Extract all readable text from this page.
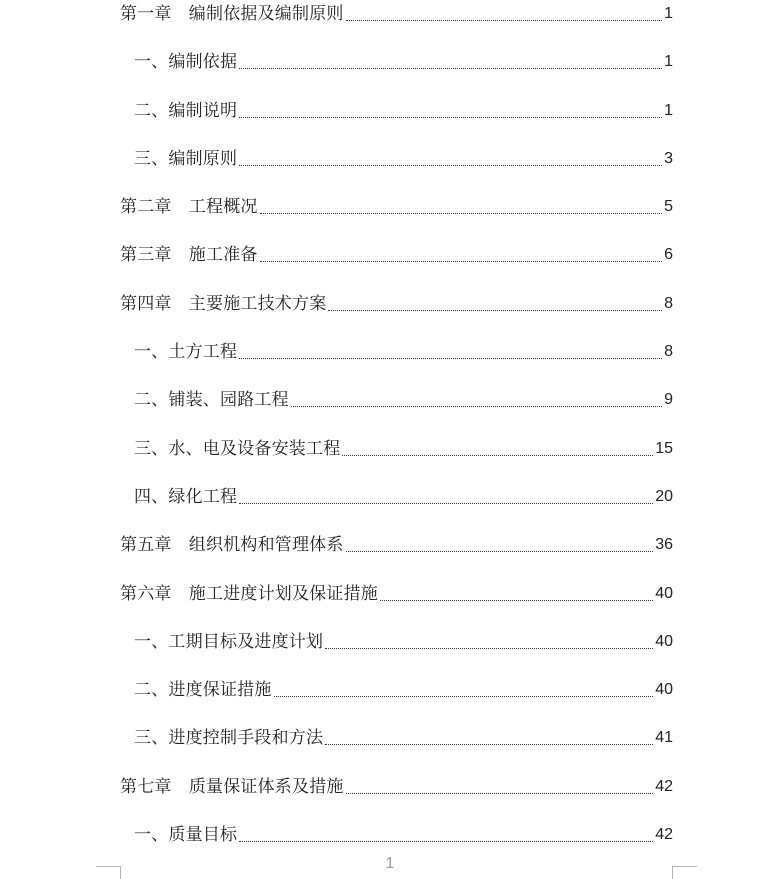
第一章　编制依据及编制原则	1
一、编制依据	1
二、编制说明	1
三、编制原则	3
第二章　工程概况	5
第三章　施工准备	6
第四章　主要施工技术方案	8
一、土方工程	8
二、铺装、园路工程	9
三、水、电及设备安装工程	15
四、绿化工程	20
第五章　组织机构和管理体系	36
第六章　施工进度计划及保证措施	40
一、工期目标及进度计划	40
二、进度保证措施	40
三、进度控制手段和方法	41
第七章　质量保证体系及措施	42
一、质量目标	42
1
